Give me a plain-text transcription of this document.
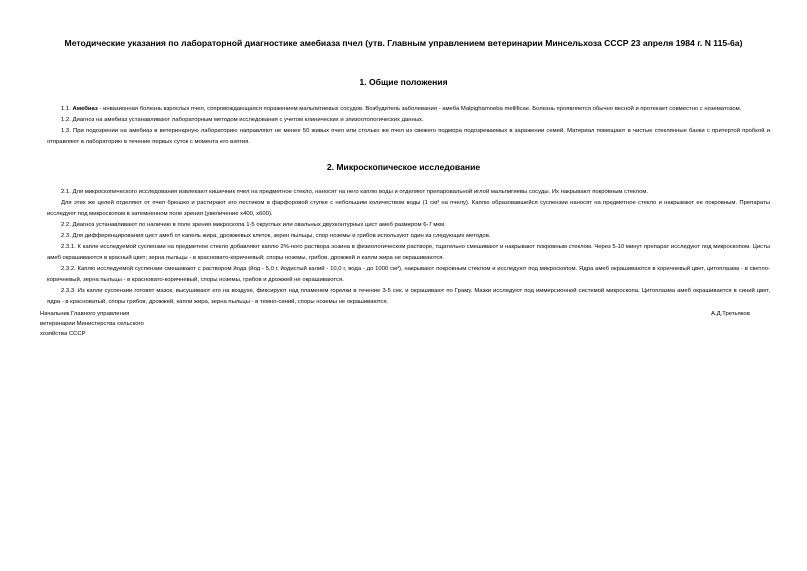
Методические указания по лабораторной диагностике амебиаза пчел (утв. Главным управлением ветеринарии Минсельхоза СССР 23 апреля 1984 г. N 115-6а)
1. Общие положения

1.1. Амебиаз - инвазионная болезнь взрослых пчел, сопровождающаяся поражением мальпигиевых сосудов. Возбудитель заболевания - амеба Malpighamoeba mellificae. Болезнь проявляется обычно весной и протекает совместно с нозематозом.

1.2. Диагноз на амебиаз устанавливают лабораторным методом исследования с учетом клинических и эпизоотологических данных.

1.3. При подозрении на амебиаз в ветеринарную лабораторию направляют не менее 50 живых пчел или столько же пчел из свежего подмора подозреваемых в заражении семей. Материал помещают в чистые стеклянные банки с притертой пробкой и отправляют в лабораторию в течение первых суток с момента его взятия.

2. Микроскопическое исследование

2.1. Для микроскопического исследования извлекают кишечник пчел на предметное стекло, наносят на него каплю воды и отделяют препаровальной иглой мальпигиевы сосуды. Их накрывают покровным стеклом.

Для этих же целей отделяют от пчел брюшко и растирают его пестиком в фарфоровой ступке с небольшим количеством воды (1 см³ на пчелу). Каплю образовавшейся суспензии наносят на предметное стекло и накрывают ее покровным. Препараты исследуют под микроскопом в затемненном поле зрения (увеличение х400, х600).

2.2. Диагноз устанавливают по наличию в поле зрения микроскопа 1-5 округлых или овальных двухконтурных цист амеб размером 6-7 мкм.

2.3. Для дифференцирования цист амеб от капель жира, дрожжевых клеток, зерен пыльцы, спор ноземы и грибов используют один из следующих методов.

2.3.1. К капле исследуемой суспензии на предметное стекло добавляют каплю 2%-ного раствора эозина в физиологическом растворе, тщательно смешивают и накрывают покровным стеклом. Через 5-10 минут препарат исследуют под микроскопом. Цисты амеб окрашиваются в красный цвет; зерна пыльцы - в красновато-коричневый; споры ноземы, грибов, дрожжей и капли жира не окрашиваются.

2.3.2. Каплю исследуемой суспензии смешивают с раствором йода (йод - 5,0 г, йодистый калий - 10,0 г, вода - до 1000 см³), накрывают покровным стеклом и исследуют под микроскопом. Ядра амеб окрашиваются в коричневый цвет, цитоплазма - в светло-коричневый, зерна пыльцы - в красновато-коричневый, споры ноземы, грибов и дрожжей не окрашиваются.

2.3.3. Из капли суспензии готовят мазок, высушивают его на воздухе, фиксируют над пламенем горелки в течение 3-5 сек. и окрашивают по Граму. Мазки исследуют под иммерсионной системой микроскопа. Цитоплазма амеб окрашивается в синий цвет, ядра - в красноватый, споры грибов, дрожжей, капли жира, зерна пыльцы - в темно-синий, споры ноземы не окрашиваются.

Начальник Главного управления
ветеринарии Министерства сельского
хозяйства СССР
А.Д.Третьяков
